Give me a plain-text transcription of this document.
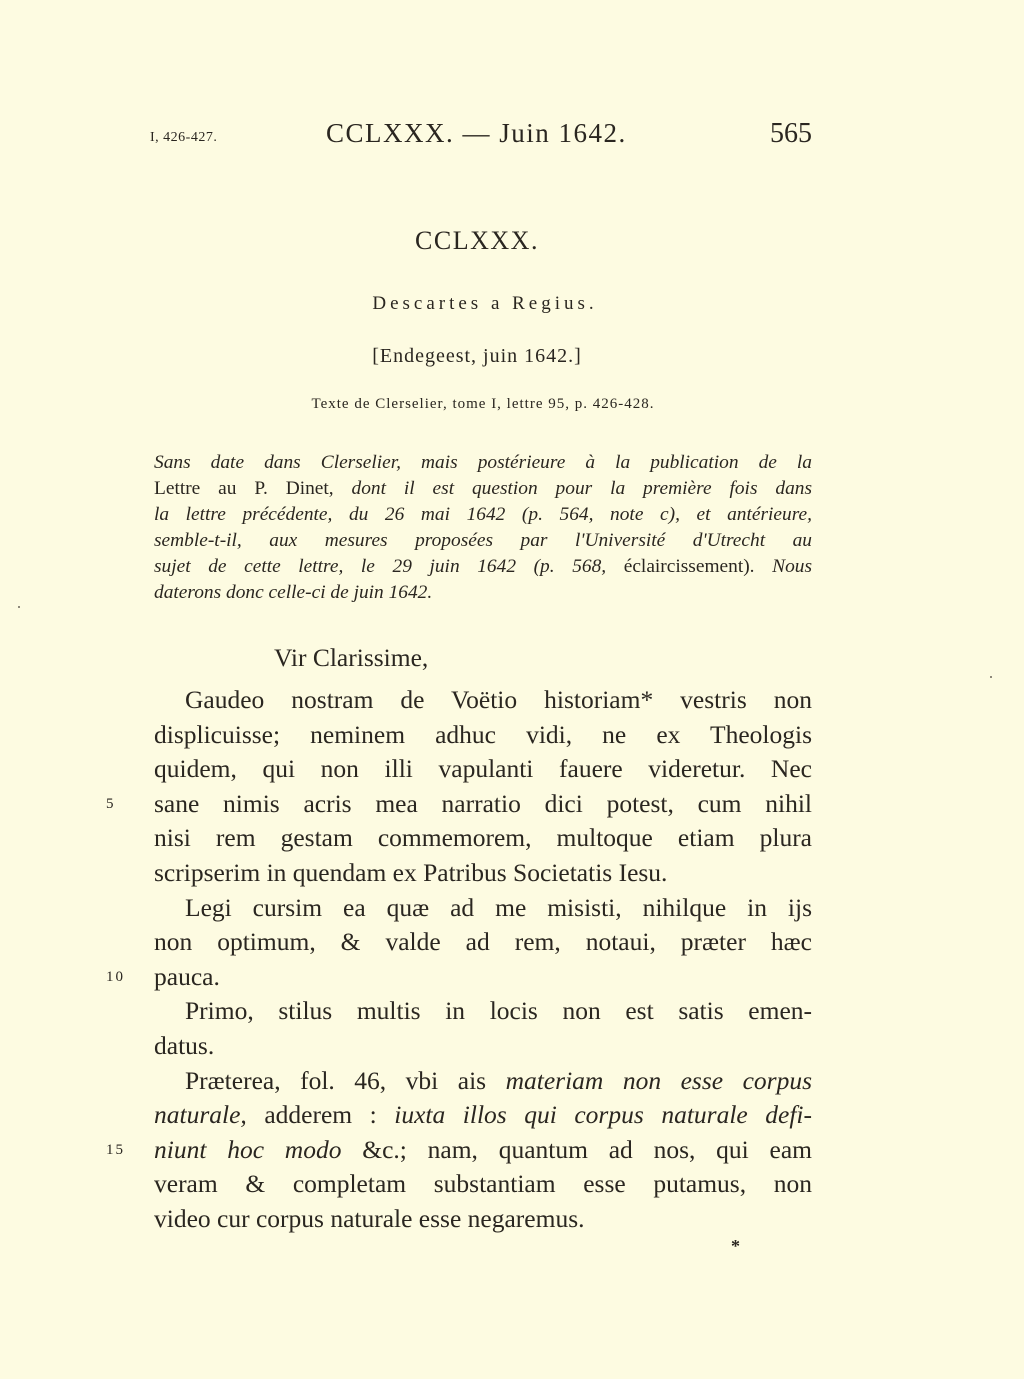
I, 426-427.	CCLXXX. — Juin 1642.	565
CCLXXX.
Descartes a Regius.
[Endegeest, juin 1642.]
Texte de Clerselier, tome I, lettre 95, p. 426-428.
Sans date dans Clerselier, mais postérieure à la publication de la
Lettre au P. Dinet, dont il est question pour la première fois dans
la lettre précédente, du 26 mai 1642 (p. 564, note c), et antérieure,
semble-t-il, aux mesures proposées par l'Université d'Utrecht au
sujet de cette lettre, le 29 juin 1642 (p. 568, éclaircissement). Nous
daterons donc celle-ci de juin 1642.
Vir Clarissime,
Gaudeo nostram de Voëtio historiam* vestris non
displicuisse; neminem adhuc vidi, ne ex Theologis
quidem, qui non illi vapulanti fauere videretur. Nec
sane nimis acris mea narratio dici potest, cum nihil
5
nisi rem gestam commemorem, multoque etiam plura
scripserim in quendam ex Patribus Societatis Iesu.
Legi cursim ea quæ ad me misisti, nihilque in ijs
non optimum, & valde ad rem, notaui, præter hæc
pauca.
10
Primo, stilus multis in locis non est satis emen-
datus.
Præterea, fol. 46, vbi ais materiam non esse corpus
naturale, adderem : iuxta illos qui corpus naturale defi-
niunt hoc modo &c.; nam, quantum ad nos, qui eam
15
veram & completam substantiam esse putamus, non
video cur corpus naturale esse negaremus.
*
